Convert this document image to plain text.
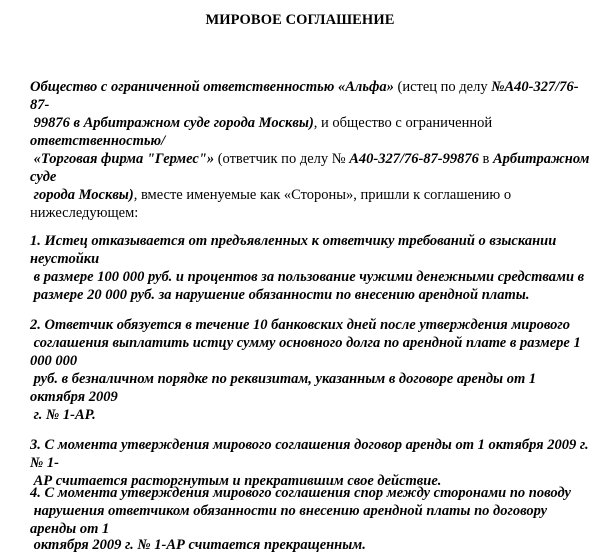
МИРОВОЕ СОГЛАШЕНИЕ
Общество с ограниченной ответственностью «Альфа» (истец по делу №А40-327/76-
87-
99876 в Арбитражном суде города Москвы), и общество с ограниченной
ответственностью/
«Торговая фирма "Гермес"» (ответчик по делу № А40-327/76-87-99876 в Арбитражном
суде
города Москвы), вместе именуемые как «Стороны», пришли к соглашению о
нижеследующем:
1. Истец отказывается от предъявленных к ответчику требований о взыскании
неустойки
в размере 100 000 руб. и процентов за пользование чужими денежными средствами в
размере 20 000 руб. за нарушение обязанности по внесению арендной платы.
2. Ответчик обязуется в течение 10 банковских дней после утверждения мирового
соглашения выплатить истцу сумму основного долга по арендной плате в размере 1
000 000
руб. в безналичном порядке по реквизитам, указанным в договоре аренды от 1
октября 2009
г. № 1-АР.
3. С момента утверждения мирового соглашения договор аренды от 1 октября 2009 г.
№ 1-
АР считается расторгнутым и прекратившим свое действие.
4. С момента утверждения мирового соглашения спор между сторонами по поводу
нарушения ответчиком обязанности по внесению арендной платы по договору
аренды от 1
октября 2009 г. № 1-АР считается прекращенным.
